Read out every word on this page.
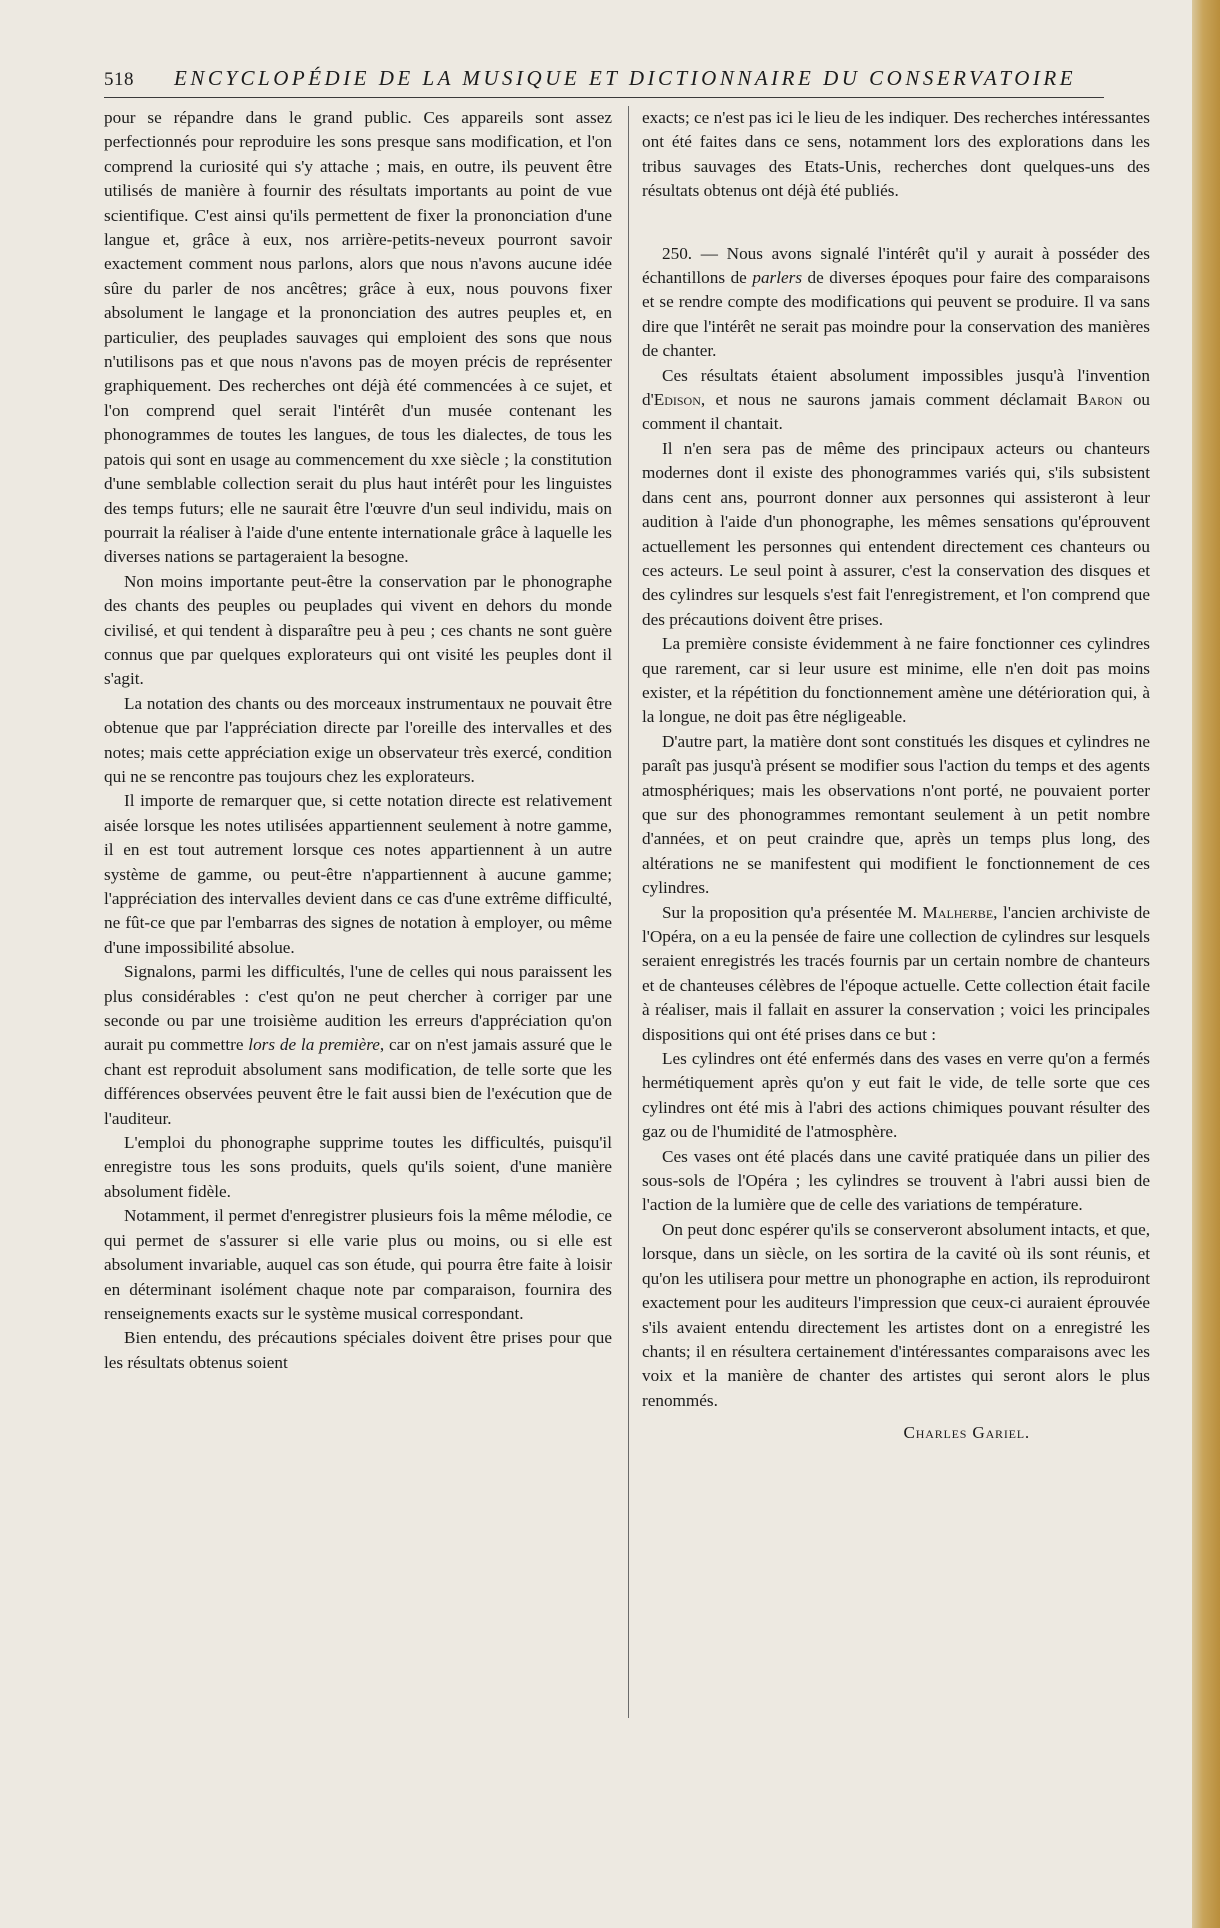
518	ENCYCLOPÉDIE DE LA MUSIQUE ET DICTIONNAIRE DU CONSERVATOIRE

pour se répandre dans le grand public. Ces appareils sont assez perfectionnés pour reproduire les sons presque sans modification, et l'on comprend la curiosité qui s'y attache ; mais, en outre, ils peuvent être utilisés de manière à fournir des résultats importants au point de vue scientifique. C'est ainsi qu'ils permettent de fixer la prononciation d'une langue et, grâce à eux, nos arrière-petits-neveux pourront savoir exactement comment nous parlons, alors que nous n'avons aucune idée sûre du parler de nos ancêtres; grâce à eux, nous pouvons fixer absolument le langage et la prononciation des autres peuples et, en particulier, des peuplades sauvages qui emploient des sons que nous n'utilisons pas et que nous n'avons pas de moyen précis de représenter graphiquement. Des recherches ont déjà été commencées à ce sujet, et l'on comprend quel serait l'intérêt d'un musée contenant les phonogrammes de toutes les langues, de tous les dialectes, de tous les patois qui sont en usage au commencement du xxe siècle ; la constitution d'une semblable collection serait du plus haut intérêt pour les linguistes des temps futurs; elle ne saurait être l'œuvre d'un seul individu, mais on pourrait la réaliser à l'aide d'une entente internationale grâce à laquelle les diverses nations se partageraient la besogne.

Non moins importante peut-être la conservation par le phonographe des chants des peuples ou peuplades qui vivent en dehors du monde civilisé, et qui tendent à disparaître peu à peu ; ces chants ne sont guère connus que par quelques explorateurs qui ont visité les peuples dont il s'agit.

La notation des chants ou des morceaux instrumentaux ne pouvait être obtenue que par l'appréciation directe par l'oreille des intervalles et des notes; mais cette appréciation exige un observateur très exercé, condition qui ne se rencontre pas toujours chez les explorateurs.

Il importe de remarquer que, si cette notation directe est relativement aisée lorsque les notes utilisées appartiennent seulement à notre gamme, il en est tout autrement lorsque ces notes appartiennent à un autre système de gamme, ou peut-être n'appartiennent à aucune gamme; l'appréciation des intervalles devient dans ce cas d'une extrême difficulté, ne fût-ce que par l'embarras des signes de notation à employer, ou même d'une impossibilité absolue.

Signalons, parmi les difficultés, l'une de celles qui nous paraissent les plus considérables : c'est qu'on ne peut chercher à corriger par une seconde ou par une troisième audition les erreurs d'appréciation qu'on aurait pu commettre lors de la première, car on n'est jamais assuré que le chant est reproduit absolument sans modification, de telle sorte que les différences observées peuvent être le fait aussi bien de l'exécution que de l'auditeur.

L'emploi du phonographe supprime toutes les difficultés, puisqu'il enregistre tous les sons produits, quels qu'ils soient, d'une manière absolument fidèle.

Notamment, il permet d'enregistrer plusieurs fois la même mélodie, ce qui permet de s'assurer si elle varie plus ou moins, ou si elle est absolument invariable, auquel cas son étude, qui pourra être faite à loisir en déterminant isolément chaque note par comparaison, fournira des renseignements exacts sur le système musical correspondant.

Bien entendu, des précautions spéciales doivent être prises pour que les résultats obtenus soient

exacts; ce n'est pas ici le lieu de les indiquer. Des recherches intéressantes ont été faites dans ce sens, notamment lors des explorations dans les tribus sauvages des Etats-Unis, recherches dont quelques-uns des résultats obtenus ont déjà été publiés.

250. — Nous avons signalé l'intérêt qu'il y aurait à posséder des échantillons de parlers de diverses époques pour faire des comparaisons et se rendre compte des modifications qui peuvent se produire. Il va sans dire que l'intérêt ne serait pas moindre pour la conservation des manières de chanter.

Ces résultats étaient absolument impossibles jusqu'à l'invention d'Edison, et nous ne saurons jamais comment déclamait Baron ou comment il chantait.

Il n'en sera pas de même des principaux acteurs ou chanteurs modernes dont il existe des phonogrammes variés qui, s'ils subsistent dans cent ans, pourront donner aux personnes qui assisteront à leur audition à l'aide d'un phonographe, les mêmes sensations qu'éprouvent actuellement les personnes qui entendent directement ces chanteurs ou ces acteurs. Le seul point à assurer, c'est la conservation des disques et des cylindres sur lesquels s'est fait l'enregistrement, et l'on comprend que des précautions doivent être prises.

La première consiste évidemment à ne faire fonctionner ces cylindres que rarement, car si leur usure est minime, elle n'en doit pas moins exister, et la répétition du fonctionnement amène une détérioration qui, à la longue, ne doit pas être négligeable.

D'autre part, la matière dont sont constitués les disques et cylindres ne paraît pas jusqu'à présent se modifier sous l'action du temps et des agents atmosphériques; mais les observations n'ont porté, ne pouvaient porter que sur des phonogrammes remontant seulement à un petit nombre d'années, et on peut craindre que, après un temps plus long, des altérations ne se manifestent qui modifient le fonctionnement de ces cylindres.

Sur la proposition qu'a présentée M. Malherbe, l'ancien archiviste de l'Opéra, on a eu la pensée de faire une collection de cylindres sur lesquels seraient enregistrés les tracés fournis par un certain nombre de chanteurs et de chanteuses célèbres de l'époque actuelle. Cette collection était facile à réaliser, mais il fallait en assurer la conservation ; voici les principales dispositions qui ont été prises dans ce but :

Les cylindres ont été enfermés dans des vases en verre qu'on a fermés hermétiquement après qu'on y eut fait le vide, de telle sorte que ces cylindres ont été mis à l'abri des actions chimiques pouvant résulter des gaz ou de l'humidité de l'atmosphère.

Ces vases ont été placés dans une cavité pratiquée dans un pilier des sous-sols de l'Opéra ; les cylindres se trouvent à l'abri aussi bien de l'action de la lumière que de celle des variations de température.

On peut donc espérer qu'ils se conserveront absolument intacts, et que, lorsque, dans un siècle, on les sortira de la cavité où ils sont réunis, et qu'on les utilisera pour mettre un phonographe en action, ils reproduiront exactement pour les auditeurs l'impression que ceux-ci auraient éprouvée s'ils avaient entendu directement les artistes dont on a enregistré les chants; il en résultera certainement d'intéressantes comparaisons avec les voix et la manière de chanter des artistes qui seront alors le plus renommés.

Charles Gariel.
